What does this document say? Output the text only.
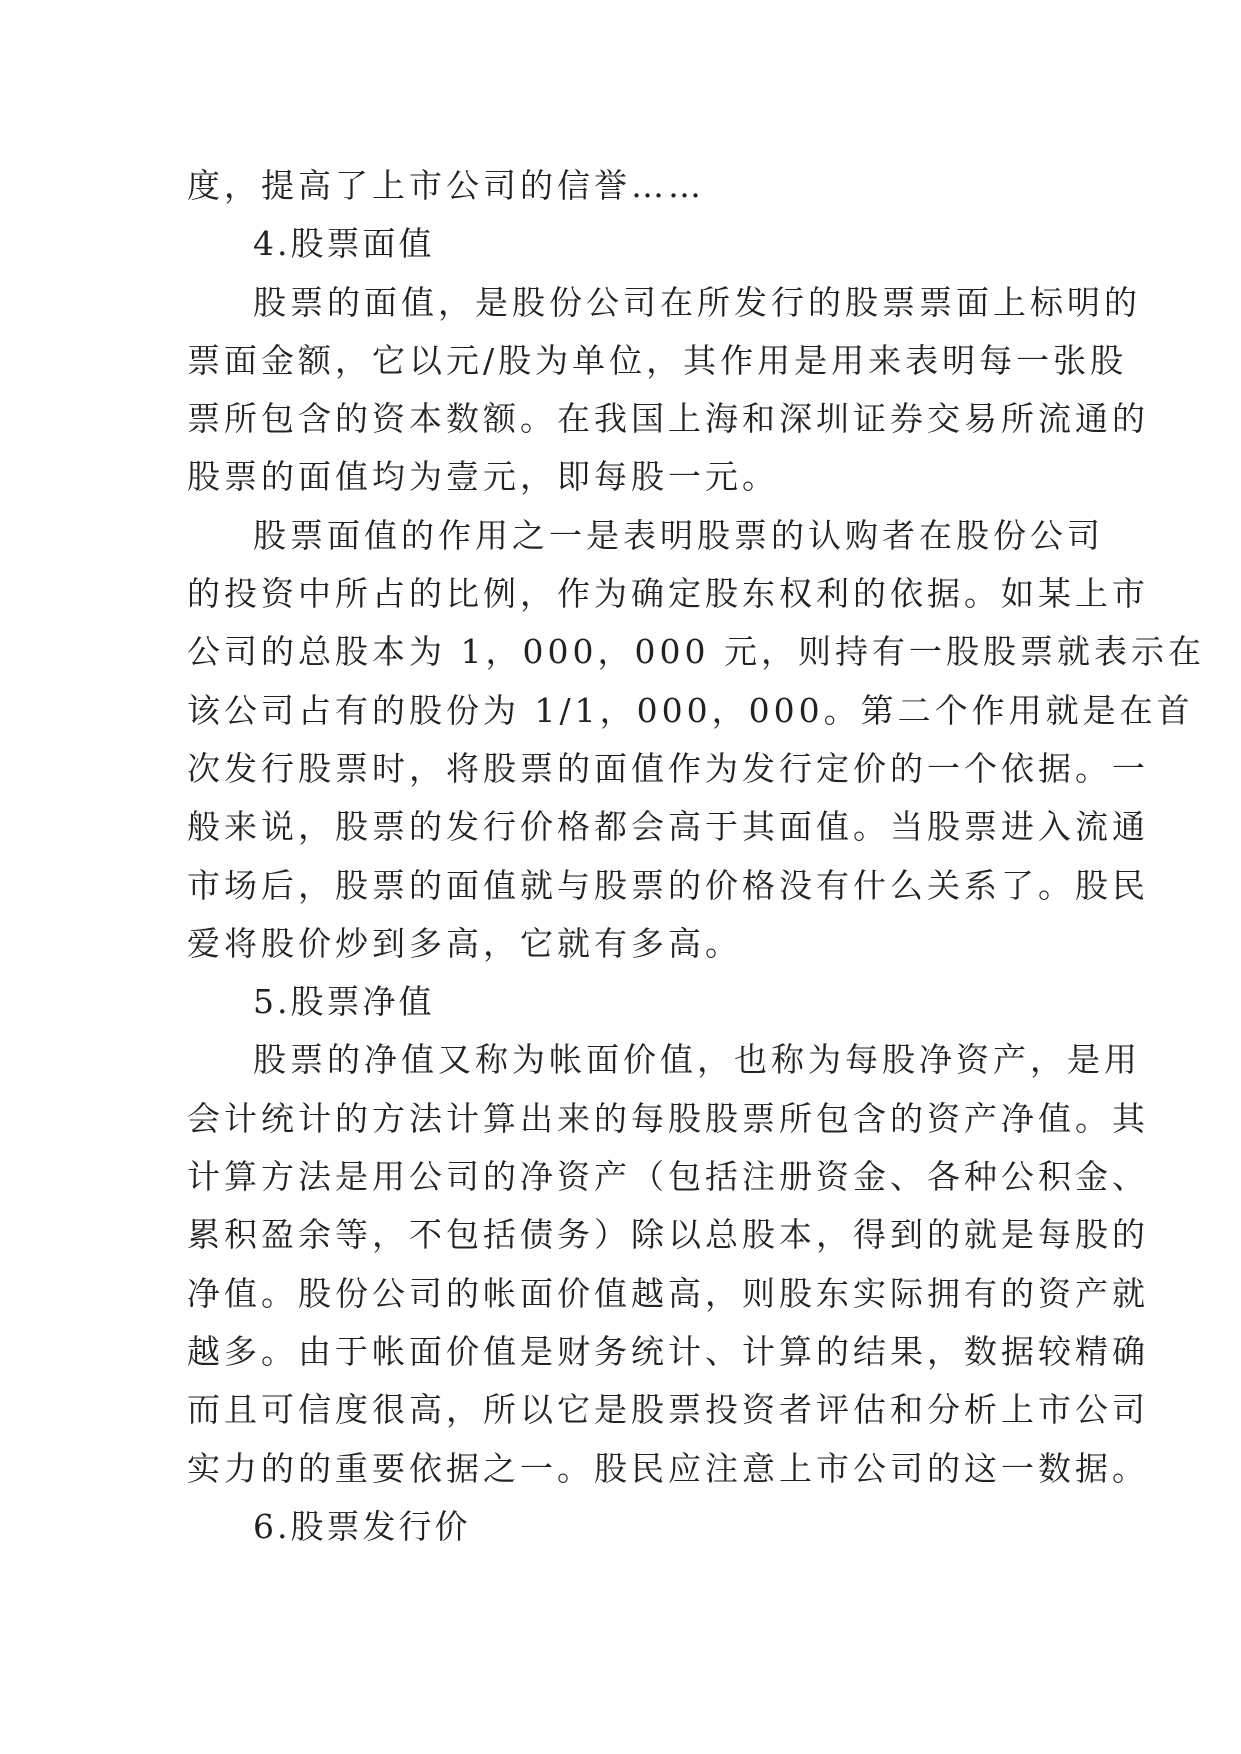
度，提高了上市公司的信誉……
4.股票面值
股票的面值，是股份公司在所发行的股票票面上标明的
票面金额，它以元/股为单位，其作用是用来表明每一张股
票所包含的资本数额。在我国上海和深圳证券交易所流通的
股票的面值均为壹元，即每股一元。
股票面值的作用之一是表明股票的认购者在股份公司
的投资中所占的比例，作为确定股东权利的依据。如某上市
公司的总股本为 1，000，000 元，则持有一股股票就表示在
该公司占有的股份为 1/1，000，000。第二个作用就是在首
次发行股票时，将股票的面值作为发行定价的一个依据。一
般来说，股票的发行价格都会高于其面值。当股票进入流通
市场后，股票的面值就与股票的价格没有什么关系了。股民
爱将股价炒到多高，它就有多高。
5.股票净值
股票的净值又称为帐面价值，也称为每股净资产，是用
会计统计的方法计算出来的每股股票所包含的资产净值。其
计算方法是用公司的净资产（包括注册资金、各种公积金、
累积盈余等，不包括债务）除以总股本，得到的就是每股的
净值。股份公司的帐面价值越高，则股东实际拥有的资产就
越多。由于帐面价值是财务统计、计算的结果，数据较精确
而且可信度很高，所以它是股票投资者评估和分析上市公司
实力的的重要依据之一。股民应注意上市公司的这一数据。
6.股票发行价
